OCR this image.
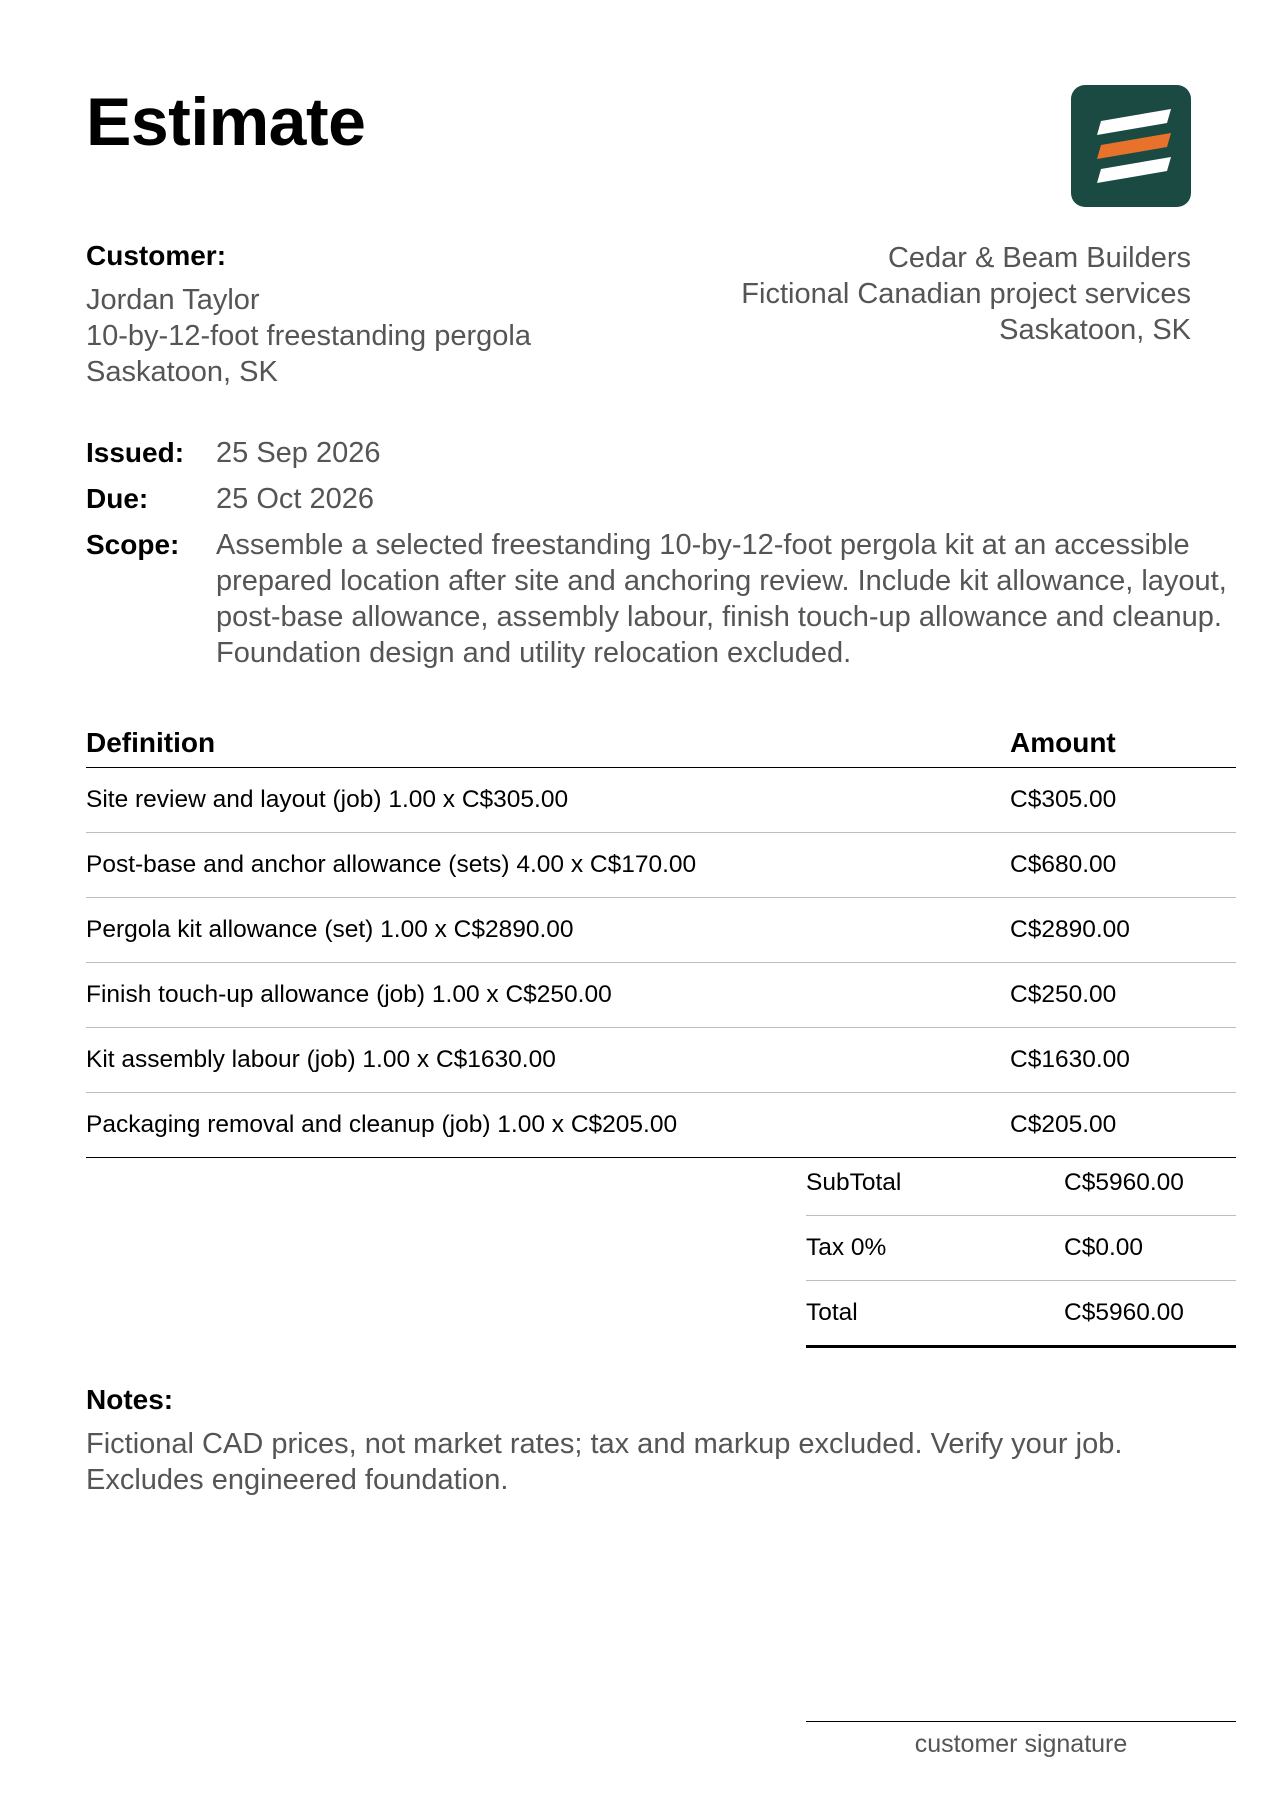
Estimate
Customer:
Jordan Taylor
10-by-12-foot freestanding pergola
Saskatoon, SK
Cedar & Beam Builders
Fictional Canadian project services
Saskatoon, SK
Issued:	25 Sep 2026
Due:	25 Oct 2026
Scope:	Assemble a selected freestanding 10-by-12-foot pergola kit at an accessible prepared location after site and anchoring review. Include kit allowance, layout, post-base allowance, assembly labour, finish touch-up allowance and cleanup. Foundation design and utility relocation excluded.
Definition	Amount
Site review and layout (job) 1.00 x C$305.00	C$305.00
Post-base and anchor allowance (sets) 4.00 x C$170.00	C$680.00
Pergola kit allowance (set) 1.00 x C$2890.00	C$2890.00
Finish touch-up allowance (job) 1.00 x C$250.00	C$250.00
Kit assembly labour (job) 1.00 x C$1630.00	C$1630.00
Packaging removal and cleanup (job) 1.00 x C$205.00	C$205.00
SubTotal	C$5960.00
Tax 0%	C$0.00
Total	C$5960.00
Notes:
Fictional CAD prices, not market rates; tax and markup excluded. Verify your job. Excludes engineered foundation.
customer signature
